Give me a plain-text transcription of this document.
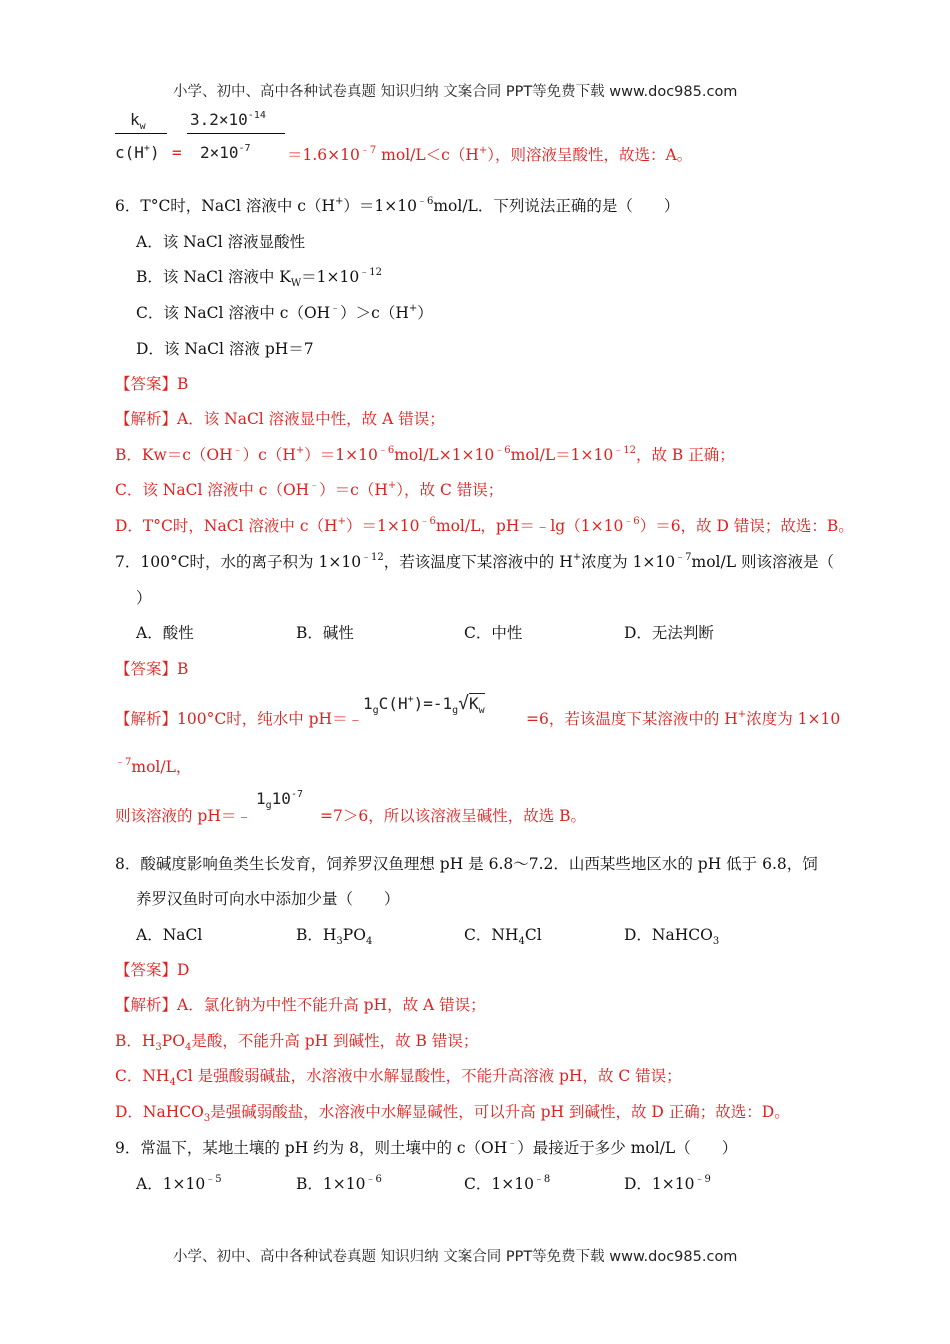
小学、初中、高中各种试卷真题 知识归纳 文案合同 PPT等免费下载 www.doc985.com
$k_w$
c(H+) =
$3.2\times 10^{-14}$
$2\times 10^{-7} =1.6\times 10^{﹣7}$ mol/L＜c（H+），则溶液呈酸性，故选：A。
6．T°C时，NaCl 溶液中 $c(H^+)=1\times 10^{﹣6}mol/L$．下列说法正确的是（　　）
A．该 NaCl 溶液显酸性
B．该 NaCl 溶液中 $K_W=1\times 10^{﹣12}$
C．该 NaCl 溶液中 c（OH﹣）＞c（H+）
D．该 NaCl 溶液 pH＝7
【答案】B
【解析】A．该 NaCl 溶液显中性，故 A 错误；
B．$Kw=c(OH^﹣)c(H^+)=1\times 10^{﹣6}mol/L\times 1\times 10^{﹣6}mol/L=1\times 10^{﹣12}$，故 B 正确；
C．该 NaCl 溶液中 c（OH﹣）＝c（H+），故 C 错误；
D．T°C时，NaCl 溶液中 $c(H^+)=1\times 10^{﹣6}mol/L$，$pH=﹣\lg(1\times 10^{﹣6})=6$，故 D 错误；故选：B。
7．100°C时，水的离子积为 $1\times 10^{﹣12}$，若该温度下某溶液中的 H+浓度为 $1\times 10^{﹣7}mol/L$ 则该溶液是（
）
A．酸性	B．碱性	C．中性	D．无法判断
【答案】B
【解析】100°C时，纯水中 pH＝﹣
$1_gC(H^+)=-1_g√K_w$	=6，若该温度下某溶液中的 H+浓度为 1×10
$^{﹣7}$mol/L，
则该溶液的 pH＝﹣
$1_g10^{-7}$
=7＞6，所以该溶液呈碱性，故选 B。
8．酸碱度影响鱼类生长发育，饲养罗汉鱼理想 pH 是 6.8～7.2．山西某些地区水的 pH 低于 6.8，饲
养罗汉鱼时可向水中添加少量（　　）
A．NaCl	B．$H_3PO_4$	C．$NH_4Cl$	D．NaHCO$_3$
【答案】D
【解析】A．氯化钠为中性不能升高 pH，故 A 错误；
B．$H_3PO_4$是酸，不能升高 pH 到碱性，故 B 错误；
C．$NH_4Cl$ 是强酸弱碱盐，水溶液中水解显酸性，不能升高溶液 pH，故 C 错误；
D．NaHCO$_3$是强碱弱酸盐，水溶液中水解显碱性，可以升高 pH 到碱性，故 D 正确；故选：D。
9．常温下，某地土壤的 pH 约为 8，则土壤中的 c（OH﹣）最接近于多少 mol/L（　　）
A．$1\times 10^{﹣5}$	B．$1\times 10^{﹣6}$	C．$1\times 10^{﹣8}$	D．$1\times 10^{﹣9}$
小学、初中、高中各种试卷真题 知识归纳 文案合同 PPT等免费下载 www.doc985.com
